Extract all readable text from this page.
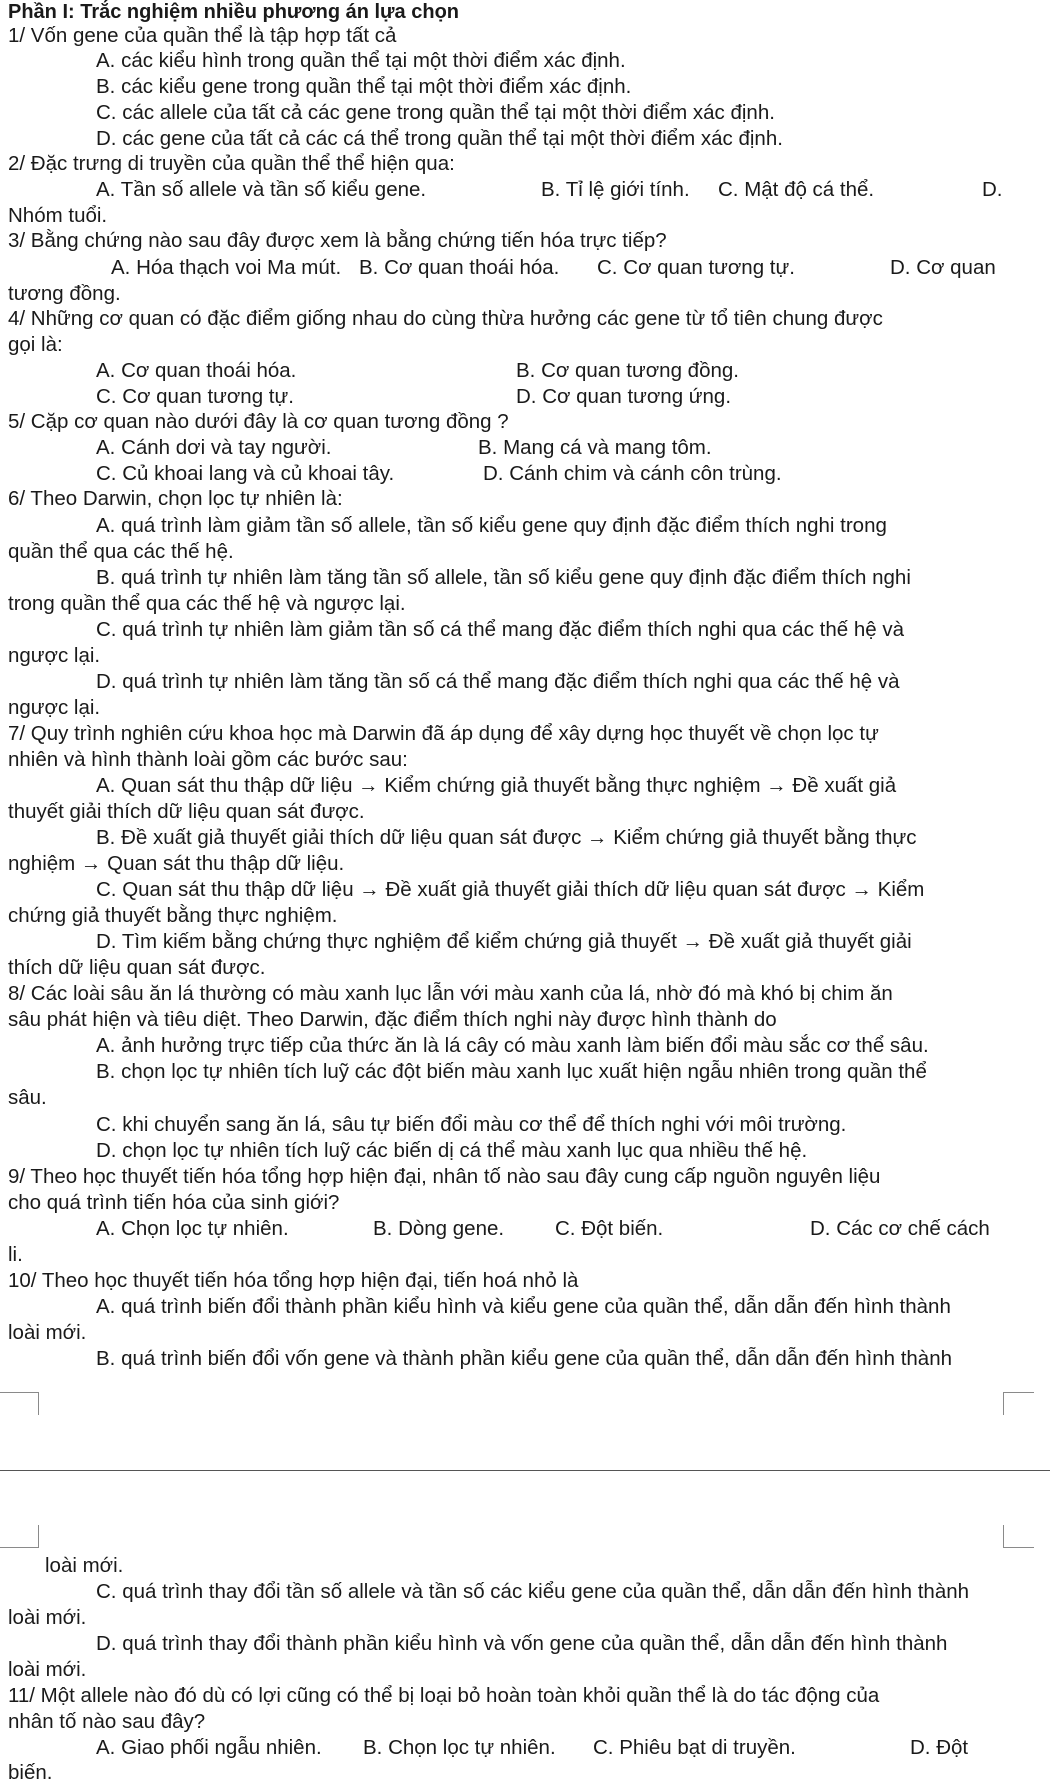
Phần I: Trắc nghiệm nhiều phương án lựa chọn
1/ Vốn gene của quần thể là tập hợp tất cả
A. các kiểu hình trong quần thể tại một thời điểm xác định.
B. các kiểu gene trong quần thể tại một thời điểm xác định.
C. các allele của tất cả các gene trong quần thể tại một thời điểm xác định.
D. các gene của tất cả các cá thể trong quần thể tại một thời điểm xác định.
2/ Đặc trưng di truyền của quần thể thể hiện qua:
A. Tần số allele và tần số kiểu gene.	B. Tỉ lệ giới tính. C. Mật độ cá thể.	D.
Nhóm tuổi.
3/ Bằng chứng nào sau đây được xem là bằng chứng tiến hóa trực tiếp?
A. Hóa thạch voi Ma mút. B. Cơ quan thoái hóa. C. Cơ quan tương tự.	D. Cơ quan
tương đồng.
4/ Những cơ quan có đặc điểm giống nhau do cùng thừa hưởng các gene từ tổ tiên chung được
gọi là:
A. Cơ quan thoái hóa.	B. Cơ quan tương đồng.
C. Cơ quan tương tự.	D. Cơ quan tương ứng.
5/ Cặp cơ quan nào dưới đây là cơ quan tương đồng ?
A. Cánh dơi và tay người.	B. Mang cá và mang tôm.
C. Củ khoai lang và củ khoai tây.	D. Cánh chim và cánh côn trùng.
6/ Theo Darwin, chọn lọc tự nhiên là:
A. quá trình làm giảm tần số allele, tần số kiểu gene quy định đặc điểm thích nghi trong
quần thể qua các thế hệ.
B. quá trình tự nhiên làm tăng tần số allele, tần số kiểu gene quy định đặc điểm thích nghi
trong quần thể qua các thế hệ và ngược lại.
C. quá trình tự nhiên làm giảm tần số cá thể mang đặc điểm thích nghi qua các thế hệ và
ngược lại.
D. quá trình tự nhiên làm tăng tần số cá thể mang đặc điểm thích nghi qua các thế hệ và
ngược lại.
7/ Quy trình nghiên cứu khoa học mà Darwin đã áp dụng để xây dựng học thuyết về chọn lọc tự
nhiên và hình thành loài gồm các bước sau:
A. Quan sát thu thập dữ liệu → Kiểm chứng giả thuyết bằng thực nghiệm → Đề xuất giả
thuyết giải thích dữ liệu quan sát được.
B. Đề xuất giả thuyết giải thích dữ liệu quan sát được → Kiểm chứng giả thuyết bằng thực
nghiệm → Quan sát thu thập dữ liệu.
C. Quan sát thu thập dữ liệu → Đề xuất giả thuyết giải thích dữ liệu quan sát được → Kiểm
chứng giả thuyết bằng thực nghiệm.
D. Tìm kiếm bằng chứng thực nghiệm để kiểm chứng giả thuyết → Đề xuất giả thuyết giải
thích dữ liệu quan sát được.
8/ Các loài sâu ăn lá thường có màu xanh lục lẫn với màu xanh của lá, nhờ đó mà khó bị chim ăn
sâu phát hiện và tiêu diệt. Theo Darwin, đặc điểm thích nghi này được hình thành do
A. ảnh hưởng trực tiếp của thức ăn là lá cây có màu xanh làm biến đổi màu sắc cơ thể sâu.
B. chọn lọc tự nhiên tích luỹ các đột biến màu xanh lục xuất hiện ngẫu nhiên trong quần thể
sâu.
C. khi chuyển sang ăn lá, sâu tự biến đổi màu cơ thể để thích nghi với môi trường.
D. chọn lọc tự nhiên tích luỹ các biến dị cá thể màu xanh lục qua nhiều thế hệ.
9/ Theo học thuyết tiến hóa tổng hợp hiện đại, nhân tố nào sau đây cung cấp nguồn nguyên liệu
cho quá trình tiến hóa của sinh giới?
A. Chọn lọc tự nhiên.	B. Dòng gene. C. Đột biến.	D. Các cơ chế cách
li.
10/ Theo học thuyết tiến hóa tổng hợp hiện đại, tiến hoá nhỏ là
A. quá trình biến đổi thành phần kiểu hình và kiểu gene của quần thể, dẫn dẫn đến hình thành
loài mới.
B. quá trình biến đổi vốn gene và thành phần kiểu gene của quần thể, dẫn dẫn đến hình thành
loài mới.
C. quá trình thay đổi tần số allele và tần số các kiểu gene của quần thể, dẫn dẫn đến hình thành
loài mới.
D. quá trình thay đổi thành phần kiểu hình và vốn gene của quần thể, dẫn dẫn đến hình thành
loài mới.
11/ Một allele nào đó dù có lợi cũng có thể bị loại bỏ hoàn toàn khỏi quần thể là do tác động của
nhân tố nào sau đây?
A. Giao phối ngẫu nhiên. B. Chọn lọc tự nhiên. C. Phiêu bạt di truyền.	D. Đột
biến.
